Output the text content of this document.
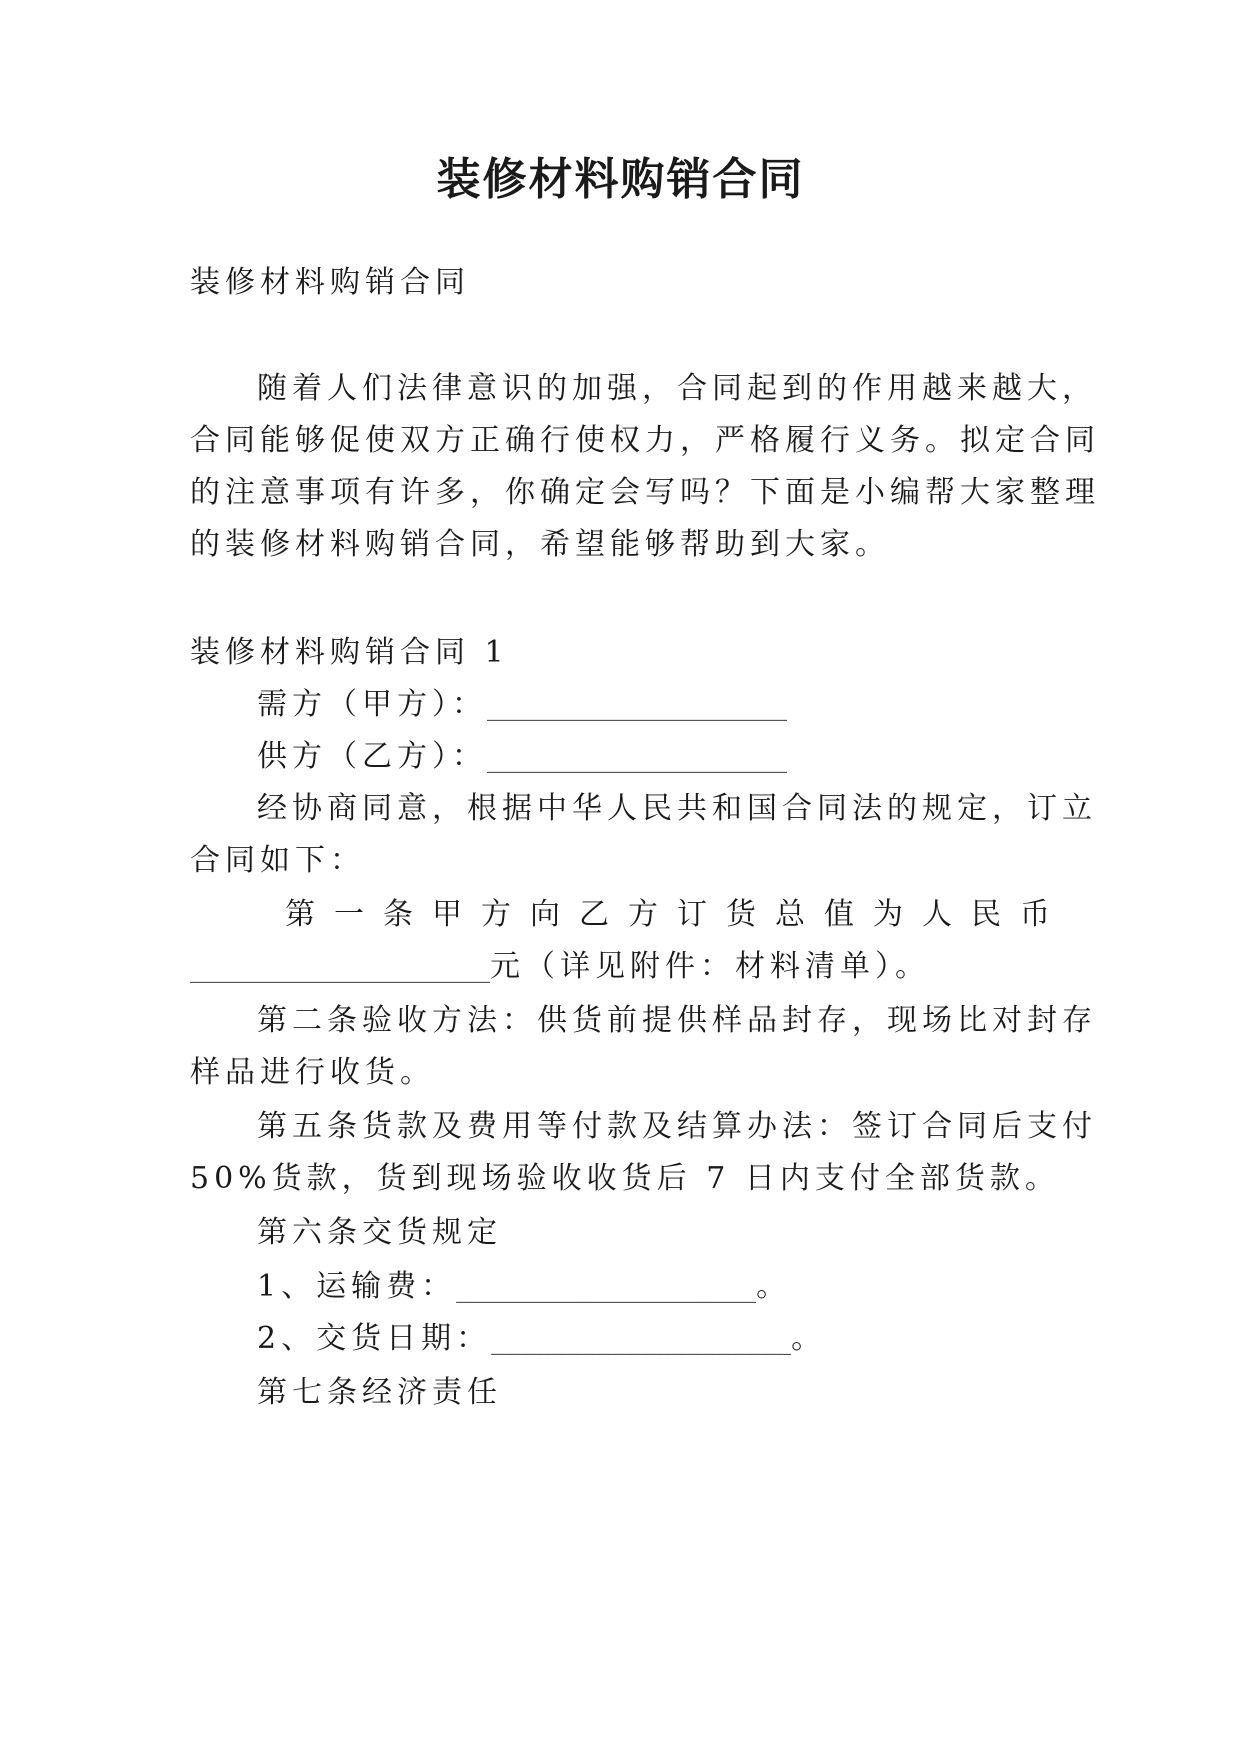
装修材料购销合同
装修材料购销合同
随着人们法律意识的加强，合同起到的作用越来越大，
合同能够促使双方正确行使权力，严格履行义务。拟定合同
的注意事项有许多，你确定会写吗？下面是小编帮大家整理
的装修材料购销合同，希望能够帮助到大家。
装修材料购销合同 1
需方（甲方）：____________________
供方（乙方）：____________________
经协商同意，根据中华人民共和国合同法的规定，订立
合同如下：
第 一 条 甲 方 向 乙 方 订 货 总 值 为 人 民 币
____________________元（详见附件：材料清单）。
第二条验收方法：供货前提供样品封存，现场比对封存
样品进行收货。
第五条货款及费用等付款及结算办法：签订合同后支付
50%货款，货到现场验收收货后 7 日内支付全部货款。
第六条交货规定
1、运输费：____________________。
2、交货日期：____________________。
第七条经济责任
